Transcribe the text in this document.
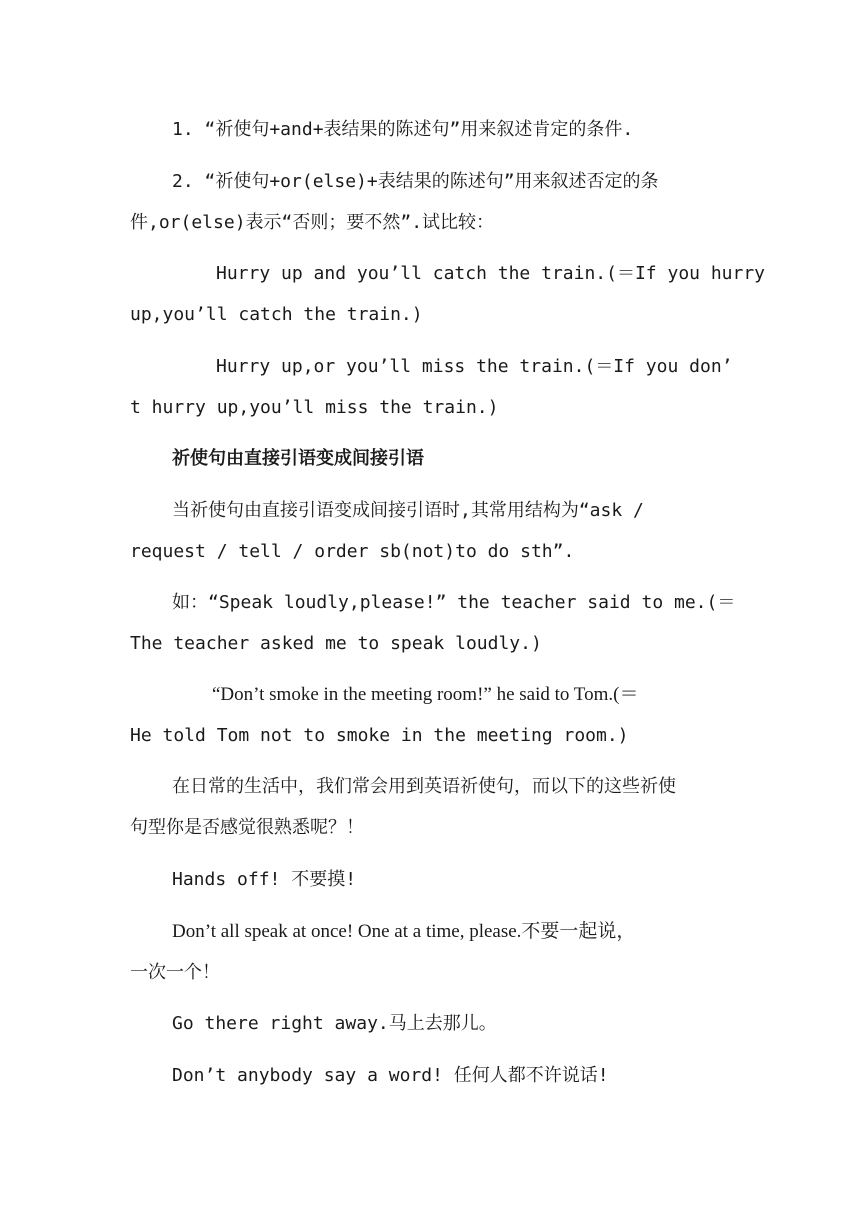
1. “祈使句+and+表结果的陈述句”用来叙述肯定的条件.
2. “祈使句+or(else)+表结果的陈述句”用来叙述否定的条
件,or(else)表示“否则；要不然”.试比较：
Hurry up and you’ll catch the train.(＝If you hurry
up,you’ll catch the train.)
Hurry up,or you’ll miss the train.(＝If you don’
t hurry up,you’ll miss the train.)
祈使句由直接引语变成间接引语
当祈使句由直接引语变成间接引语时,其常用结构为“ask /
request / tell / order sb(not)to do sth”.
如：“Speak loudly,please!” the teacher said to me.(＝
The teacher asked me to speak loudly.)
“Don’t smoke in the meeting room!” he said to Tom.(＝
He told Tom not to smoke in the meeting room.)
在日常的生活中，我们常会用到英语祈使句，而以下的这些祈使
句型你是否感觉很熟悉呢？！
Hands off! 不要摸!
Don’t all speak at once! One at a time, please.不要一起说，
一次一个！
Go there right away.马上去那儿。
Don’t anybody say a word! 任何人都不许说话!
